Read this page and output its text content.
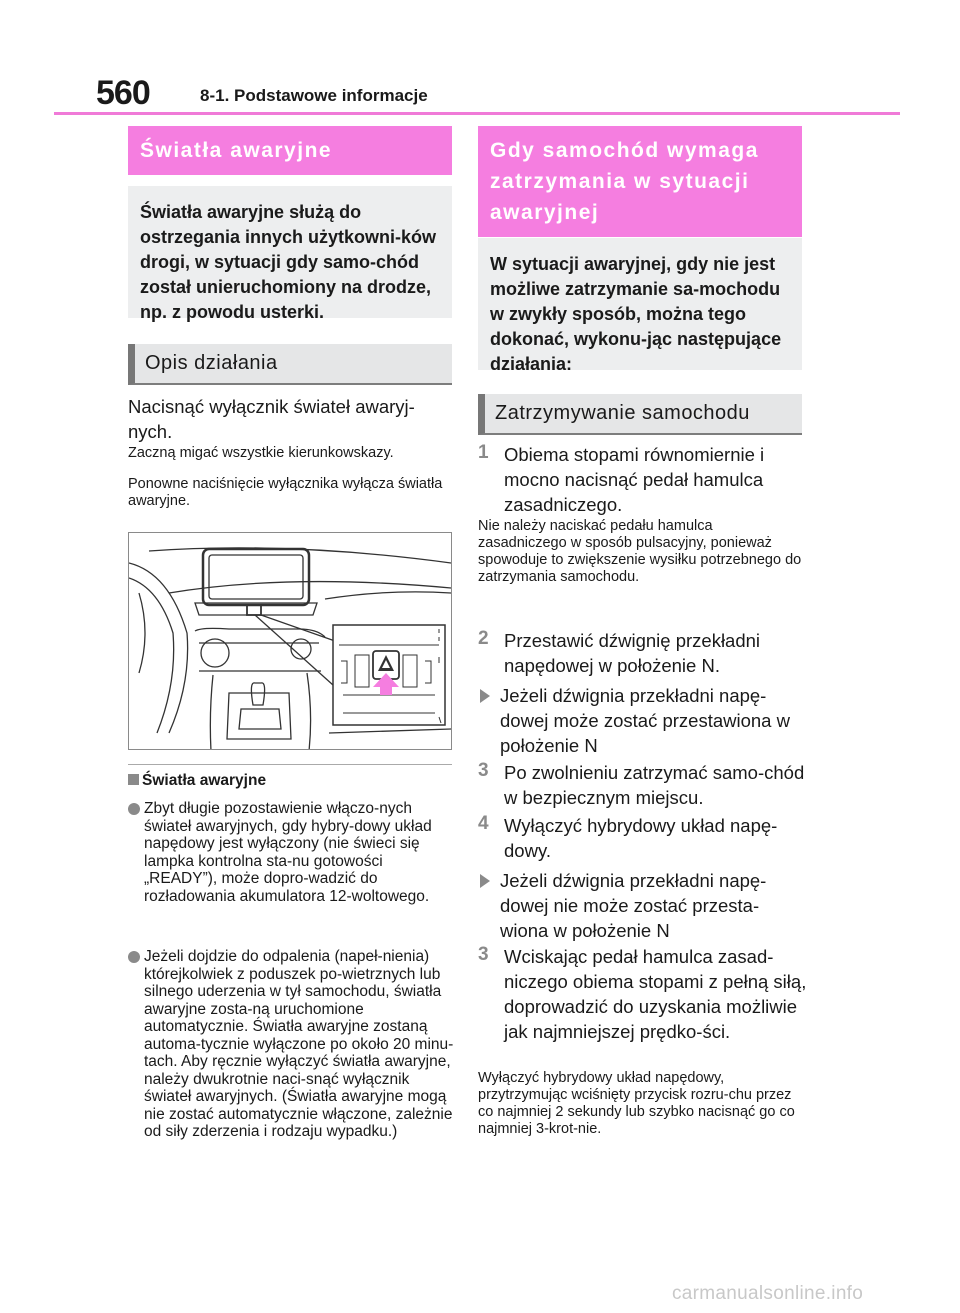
560	8-1. Podstawowe informacje
Światła awaryjne
Światła awaryjne służą do ostrzegania innych użytkowni-ków drogi, w sytuacji gdy samo-chód został unieruchomiony na drodze, np. z powodu usterki.
Opis działania
Nacisnąć wyłącznik świateł awaryj-nych.
Zaczną migać wszystkie kierunkowskazy.
Ponowne naciśnięcie wyłącznika wyłącza światła awaryjne.
Światła awaryjne
Zbyt długie pozostawienie włączo-nych świateł awaryjnych, gdy hybry-dowy układ napędowy jest wyłączony (nie świeci się lampka kontrolna sta-nu gotowości „READY”), może dopro-wadzić do rozładowania akumulatora 12-woltowego.
Jeżeli dojdzie do odpalenia (napeł-nienia) którejkolwiek z poduszek po-wietrznych lub silnego uderzenia w tył samochodu, światła awaryjne zosta-ną uruchomione automatycznie. Światła awaryjne zostaną automa-tycznie wyłączone po około 20 minu-tach. Aby ręcznie wyłączyć światła awaryjne, należy dwukrotnie naci-snąć wyłącznik świateł awaryjnych. (Światła awaryjne mogą nie zostać automatycznie włączone, zależnie od siły zderzenia i rodzaju wypadku.)
Gdy samochód wymaga zatrzymania w sytuacji awaryjnej
W sytuacji awaryjnej, gdy nie jest możliwe zatrzymanie sa-mochodu w zwykły sposób, można tego dokonać, wykonu-jąc następujące działania:
Zatrzymywanie samochodu
1 Obiema stopami równomiernie i mocno nacisnąć pedał hamulca zasadniczego.
Nie należy naciskać pedału hamulca zasadniczego w sposób pulsacyjny, ponieważ spowoduje to zwiększenie wysiłku potrzebnego do zatrzymania samochodu.
2 Przestawić dźwignię przekładni napędowej w położenie N.
Jeżeli dźwignia przekładni napę-dowej może zostać przestawiona w położenie N
3 Po zwolnieniu zatrzymać samo-chód w bezpiecznym miejscu.
4 Wyłączyć hybrydowy układ napę-dowy.
Jeżeli dźwignia przekładni napę-dowej nie może zostać przesta-wiona w położenie N
3 Wciskając pedał hamulca zasad-niczego obiema stopami z pełną siłą, doprowadzić do uzyskania możliwie jak najmniejszej prędko-ści.
Wyłączyć hybrydowy układ napędowy, przytrzymując wciśnięty przycisk rozru-chu przez co najmniej 2 sekundy lub szybko nacisnąć go co najmniej 3-krot-nie.
carmanualsonline.info
